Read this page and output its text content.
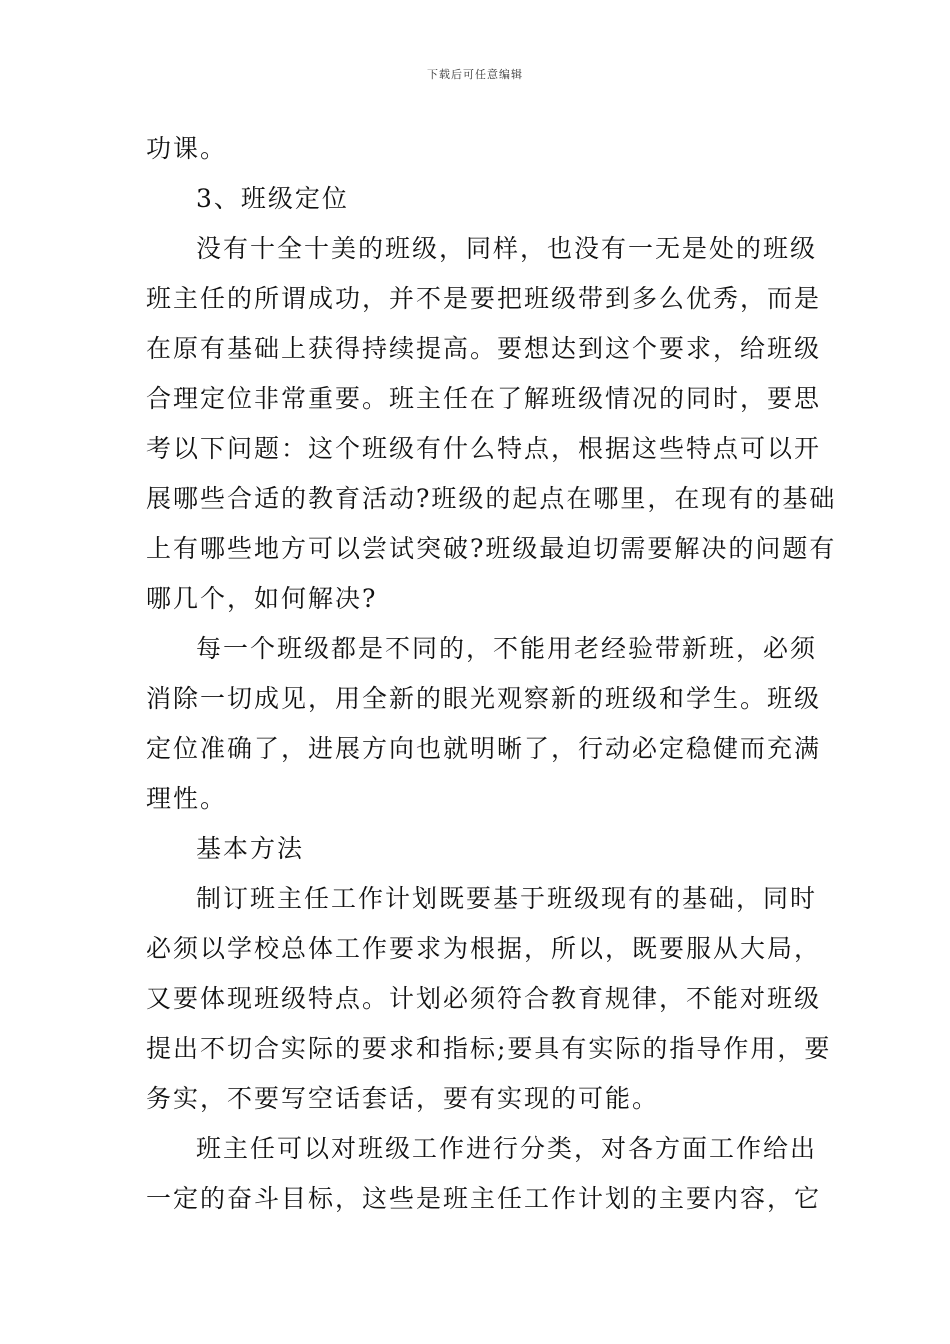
下载后可任意编辑
功课。
3、班级定位
没有十全十美的班级，同样，也没有一无是处的班级
班主任的所谓成功，并不是要把班级带到多么优秀，而是
在原有基础上获得持续提高。要想达到这个要求，给班级
合理定位非常重要。班主任在了解班级情况的同时，要思
考以下问题：这个班级有什么特点，根据这些特点可以开
展哪些合适的教育活动?班级的起点在哪里，在现有的基础
上有哪些地方可以尝试突破?班级最迫切需要解决的问题有
哪几个，如何解决?
每一个班级都是不同的，不能用老经验带新班，必须
消除一切成见，用全新的眼光观察新的班级和学生。班级
定位准确了，进展方向也就明晰了，行动必定稳健而充满
理性。
基本方法
制订班主任工作计划既要基于班级现有的基础，同时
必须以学校总体工作要求为根据，所以，既要服从大局，
又要体现班级特点。计划必须符合教育规律，不能对班级
提出不切合实际的要求和指标;要具有实际的指导作用，要
务实，不要写空话套话，要有实现的可能。
班主任可以对班级工作进行分类，对各方面工作给出
一定的奋斗目标，这些是班主任工作计划的主要内容，它
